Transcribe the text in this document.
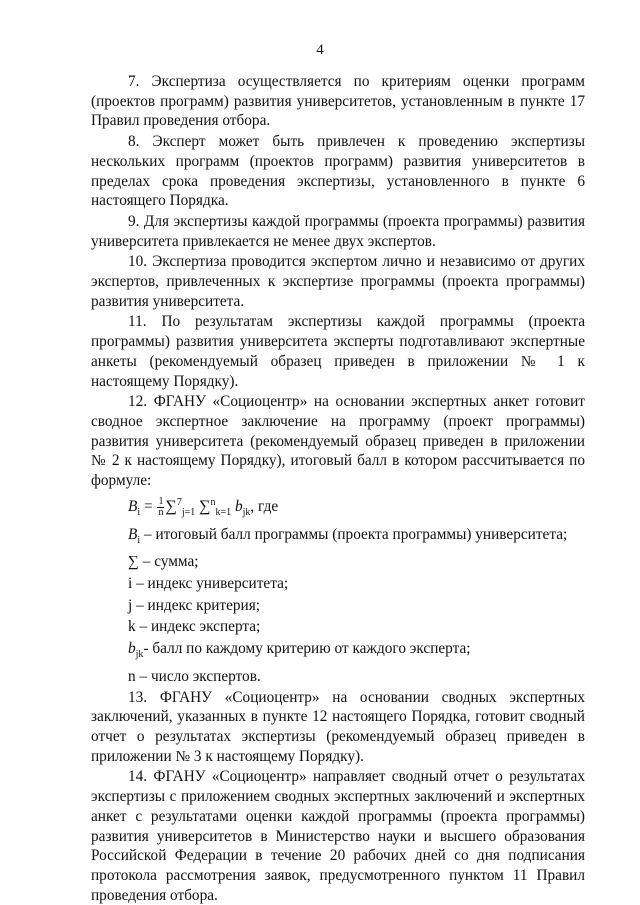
4

7. Экспертиза осуществляется по критериям оценки программ (проектов программ) развития университетов, установленным в пункте 17 Правил проведения отбора.

8. Эксперт может быть привлечен к проведению экспертизы нескольких программ (проектов программ) развития университетов в пределах срока проведения экспертизы, установленного в пункте 6 настоящего Порядка.

9. Для экспертизы каждой программы (проекта программы) развития университета привлекается не менее двух экспертов.

10. Экспертиза проводится экспертом лично и независимо от других экспертов, привлеченных к экспертизе программы (проекта программы) развития университета.

11. По результатам экспертизы каждой программы (проекта программы) развития университета эксперты подготавливают экспертные анкеты (рекомендуемый образец приведен в приложении № 1 к настоящему Порядку).

12. ФГАНУ «Социоцентр» на основании экспертных анкет готовит сводное экспертное заключение на программу (проект программы) развития университета (рекомендуемый образец приведен в приложении № 2 к настоящему Порядку), итоговый балл в котором рассчитывается по формуле:

$B_i = \frac{1}{n} \sum^7_{j=1}$ ∑$^n_{k=1}$ $b_{jk}$, где
$B_i$ – итоговый балл программы (проекта программы) университета;
∑ – сумма;
i – индекс университета;
j – индекс критерия;
k – индекс эксперта;
$b_{jk}-$ балл по каждому критерию от каждого эксперта;
n – число экспертов.

13. ФГАНУ «Социоцентр» на основании сводных экспертных заключений, указанных в пункте 12 настоящего Порядка, готовит сводный отчет о результатах экспертизы (рекомендуемый образец приведен в приложении № 3 к настоящему Порядку).

14. ФГАНУ «Социоцентр» направляет сводный отчет о результатах экспертизы с приложением сводных экспертных заключений и экспертных анкет с результатами оценки каждой программы (проекта программы) развития университетов в Министерство науки и высшего образования Российской Федерации в течение 20 рабочих дней со дня подписания протокола рассмотрения заявок, предусмотренного пунктом 11 Правил проведения отбора.
